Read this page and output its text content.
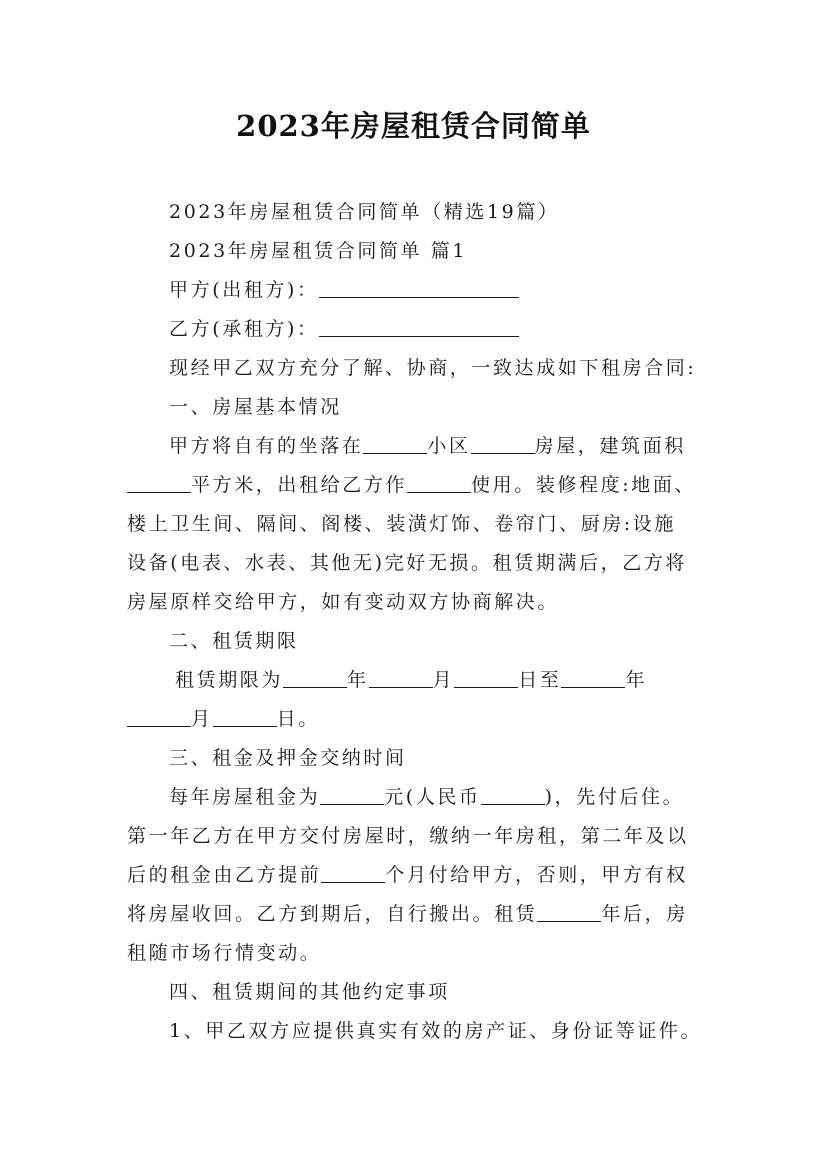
2023年房屋租赁合同简单
2023年房屋租赁合同简单（精选19篇）
2023年房屋租赁合同简单 篇1
甲方(出租方)：
乙方(承租方)：
现经甲乙双方充分了解、协商，一致达成如下租房合同:
一、房屋基本情况
甲方将自有的坐落在	小区	房屋，建筑面积
平方米，出租给乙方作	使用。装修程度:地面、
楼上卫生间、隔间、阁楼、装潢灯饰、卷帘门、厨房:设施
设备(电表、水表、其他无)完好无损。租赁期满后，乙方将
房屋原样交给甲方，如有变动双方协商解决。
二、租赁期限
租赁期限为	年	月	日至	年
月	日。
三、租金及押金交纳时间
每年房屋租金为	元(人民币	)，先付后住。
第一年乙方在甲方交付房屋时，缴纳一年房租，第二年及以
后的租金由乙方提前	个月付给甲方，否则，甲方有权
将房屋收回。乙方到期后，自行搬出。租赁	年后，房
租随市场行情变动。
四、租赁期间的其他约定事项
1、甲乙双方应提供真实有效的房产证、身份证等证件。
